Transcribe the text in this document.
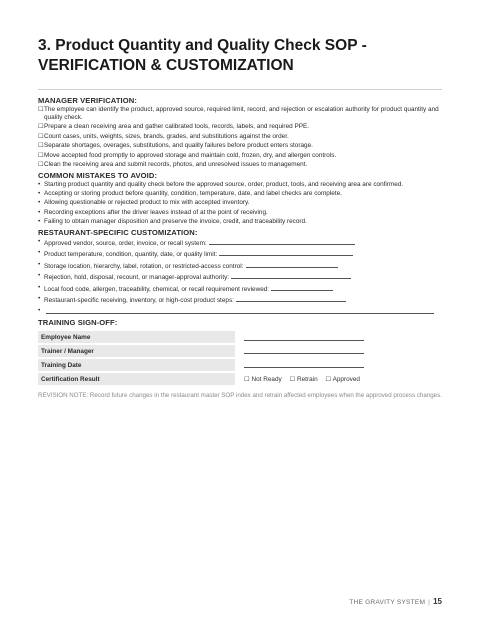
3. Product Quantity and Quality Check SOP -
VERIFICATION & CUSTOMIZATION

MANAGER VERIFICATION:

☐ The employee can identify the product, approved source, required limit, record, and rejection or escalation authority for product quantity and quality check.
☐ Prepare a clean receiving area and gather calibrated tools, records, labels, and required PPE.
☐ Count cases, units, weights, sizes, brands, grades, and substitutions against the order.
☐ Separate shortages, overages, substitutions, and quality failures before product enters storage.
☐ Move accepted food promptly to approved storage and maintain cold, frozen, dry, and allergen controls.
☐ Clean the receiving area and submit records, photos, and unresolved issues to management.

COMMON MISTAKES TO AVOID:

• Starting product quantity and quality check before the approved source, order, product, tools, and receiving area are confirmed.
• Accepting or storing product before quantity, condition, temperature, date, and label checks are complete.
• Allowing questionable or rejected product to mix with accepted inventory.
• Recording exceptions after the driver leaves instead of at the point of receiving.
• Failing to obtain manager disposition and preserve the invoice, credit, and traceability record.

RESTAURANT-SPECIFIC CUSTOMIZATION:

• Approved vendor, source, order, invoice, or recall system:
• Product temperature, condition, quantity, date, or quality limit:
• Storage location, hierarchy, label, rotation, or restricted-access control:
• Rejection, hold, disposal, recount, or manager-approval authority:
• Local food code, allergen, traceability, chemical, or recall requirement reviewed:
• Restaurant-specific receiving, inventory, or high-cost product steps:
•

TRAINING SIGN-OFF:

Employee Name	
Trainer / Manager	
Training Date	
Certification Result	☐ Not Ready ☐ Retrain ☐ Approved
REVISION NOTE: Record future changes in the restaurant master SOP index and retrain affected employees when the approved process changes.
THE GRAVITY SYSTEM | 15
